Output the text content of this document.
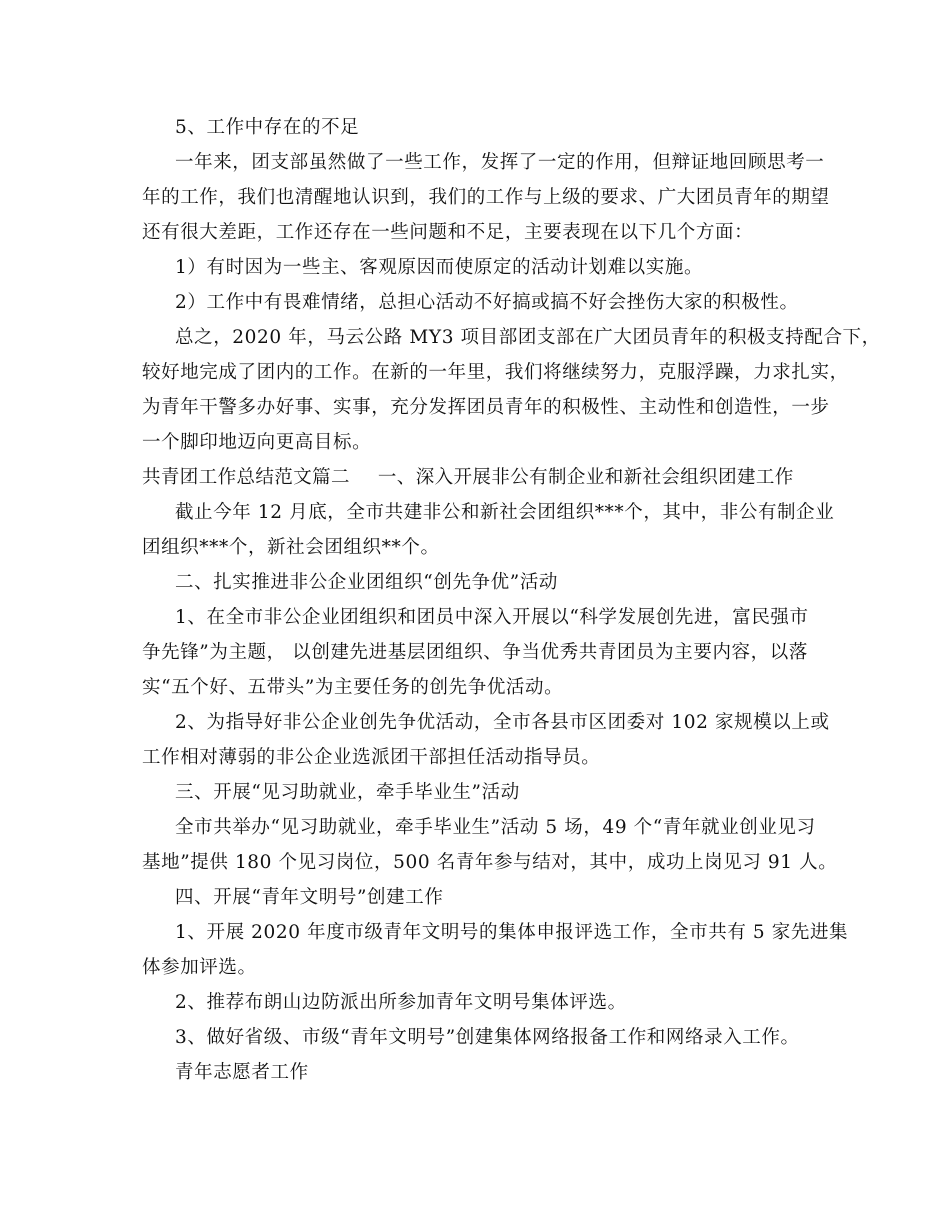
5、工作中存在的不足
一年来，团支部虽然做了一些工作，发挥了一定的作用，但辩证地回顾思考一
年的工作，我们也清醒地认识到，我们的工作与上级的要求、广大团员青年的期望
还有很大差距，工作还存在一些问题和不足，主要表现在以下几个方面：
1）有时因为一些主、客观原因而使原定的活动计划难以实施。
2）工作中有畏难情绪，总担心活动不好搞或搞不好会挫伤大家的积极性。
总之，2020 年，马云公路 MY3 项目部团支部在广大团员青年的积极支持配合下，
较好地完成了团内的工作。在新的一年里，我们将继续努力，克服浮躁，力求扎实，
为青年干警多办好事、实事，充分发挥团员青年的积极性、主动性和创造性，一步
一个脚印地迈向更高目标。
共青团工作总结范文篇二 一、深入开展非公有制企业和新社会组织团建工作
截止今年 12 月底，全市共建非公和新社会团组织***个，其中，非公有制企业
团组织***个，新社会团组织**个。
二、扎实推进非公企业团组织“创先争优”活动
1、在全市非公企业团组织和团员中深入开展以“科学发展创先进，富民强市
争先锋”为主题， 以创建先进基层团组织、争当优秀共青团员为主要内容，以落
实“五个好、五带头”为主要任务的创先争优活动。
2、为指导好非公企业创先争优活动，全市各县市区团委对 102 家规模以上或
工作相对薄弱的非公企业选派团干部担任活动指导员。
三、开展“见习助就业，牵手毕业生”活动
全市共举办“见习助就业，牵手毕业生”活动 5 场，49 个“青年就业创业见习
基地”提供 180 个见习岗位，500 名青年参与结对，其中，成功上岗见习 91 人。
四、开展“青年文明号”创建工作
1、开展 2020 年度市级青年文明号的集体申报评选工作，全市共有 5 家先进集
体参加评选。
2、推荐布朗山边防派出所参加青年文明号集体评选。
3、做好省级、市级“青年文明号”创建集体网络报备工作和网络录入工作。
青年志愿者工作
